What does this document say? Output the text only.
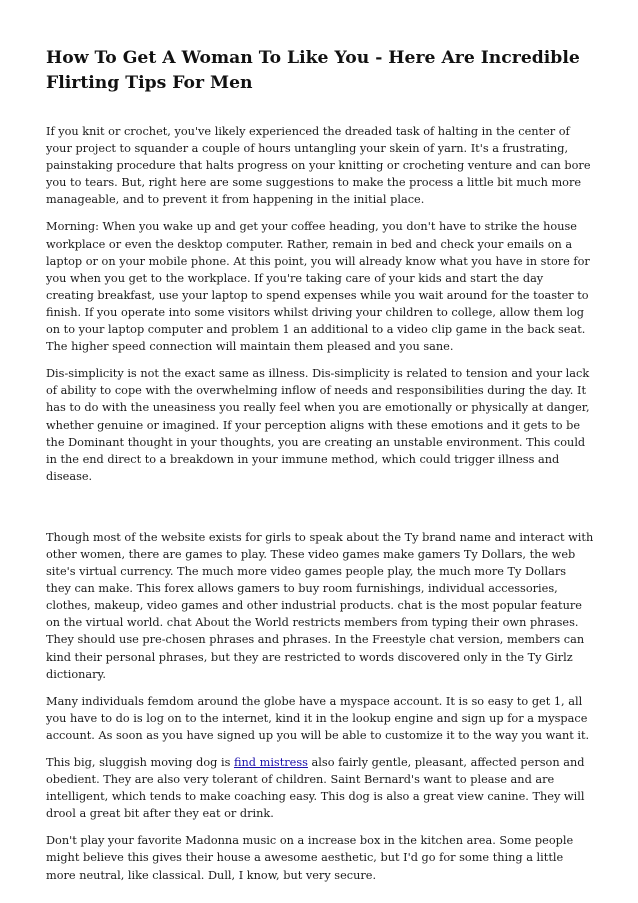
How To Get A Woman To Like You - Here Are Incredible Flirting Tips For Men

If you knit or crochet, you've likely experienced the dreaded task of halting in the center of your project to squander a couple of hours untangling your skein of yarn. It's a frustrating, painstaking procedure that halts progress on your knitting or crocheting venture and can bore you to tears. But, right here are some suggestions to make the process a little bit much more manageable, and to prevent it from happening in the initial place.

Morning: When you wake up and get your coffee heading, you don't have to strike the house workplace or even the desktop computer. Rather, remain in bed and check your emails on a laptop or on your mobile phone. At this point, you will already know what you have in store for you when you get to the workplace. If you're taking care of your kids and start the day creating breakfast, use your laptop to spend expenses while you wait around for the toaster to finish. If you operate into some visitors whilst driving your children to college, allow them log on to your laptop computer and problem 1 an additional to a video clip game in the back seat. The higher speed connection will maintain them pleased and you sane.

Dis-simplicity is not the exact same as illness. Dis-simplicity is related to tension and your lack of ability to cope with the overwhelming inflow of needs and responsibilities during the day. It has to do with the uneasiness you really feel when you are emotionally or physically at danger, whether genuine or imagined. If your perception aligns with these emotions and it gets to be the Dominant thought in your thoughts, you are creating an unstable environment. This could in the end direct to a breakdown in your immune method, which could trigger illness and disease.

Though most of the website exists for girls to speak about the Ty brand name and interact with other women, there are games to play. These video games make gamers Ty Dollars, the web site's virtual currency. The much more video games people play, the much more Ty Dollars they can make. This forex allows gamers to buy room furnishings, individual accessories, clothes, makeup, video games and other industrial products. chat is the most popular feature on the virtual world. chat About the World restricts members from typing their own phrases. They should use pre-chosen phrases and phrases. In the Freestyle chat version, members can kind their personal phrases, but they are restricted to words discovered only in the Ty Girlz dictionary.

Many individuals femdom around the globe have a myspace account. It is so easy to get 1, all you have to do is log on to the internet, kind it in the lookup engine and sign up for a myspace account. As soon as you have signed up you will be able to customize it to the way you want it.

This big, sluggish moving dog is find mistress also fairly gentle, pleasant, affected person and obedient. They are also very tolerant of children. Saint Bernard's want to please and are intelligent, which tends to make coaching easy. This dog is also a great view canine. They will drool a great bit after they eat or drink.

Don't play your favorite Madonna music on a increase box in the kitchen area. Some people might believe this gives their house a awesome aesthetic, but I'd go for some thing a little more neutral, like classical. Dull, I know, but very secure.
